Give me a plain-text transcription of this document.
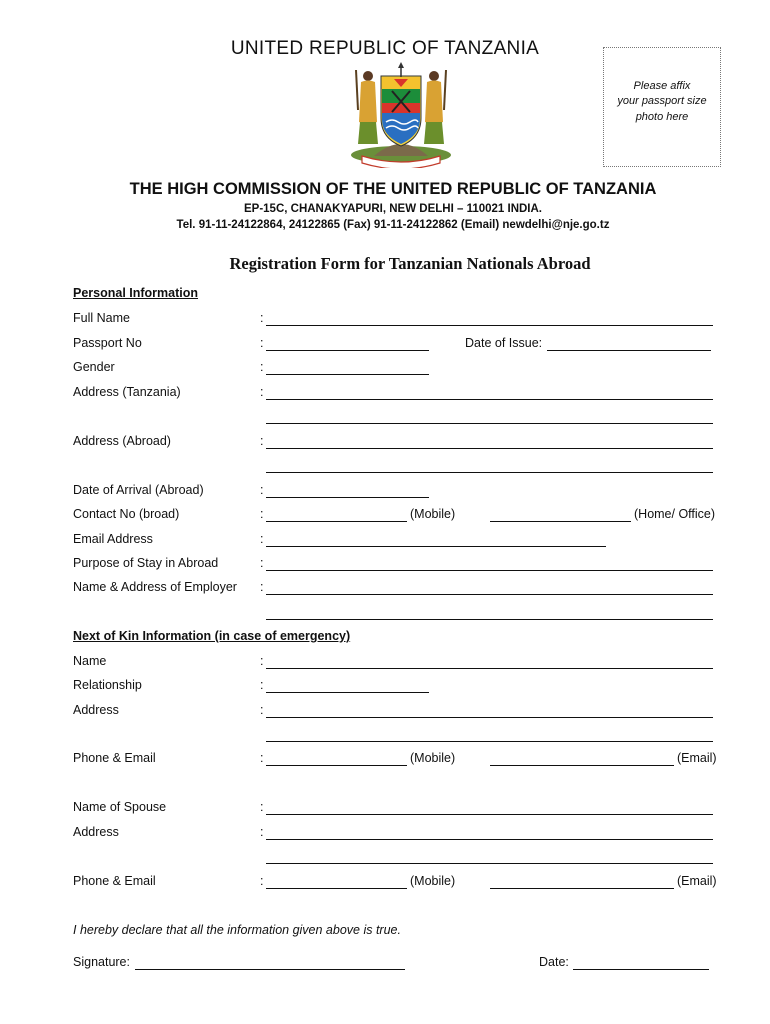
UNITED REPUBLIC OF TANZANIA
Please affix
your passport size
photo here
THE HIGH COMMISSION OF THE UNITED REPUBLIC OF TANZANIA
EP-15C, CHANAKYAPURI, NEW DELHI – 110021 INDIA.
Tel. 91-11-24122864, 24122865 (Fax) 91-11-24122862 (Email) newdelhi@nje.go.tz
Registration Form for Tanzanian Nationals Abroad
Personal Information
Full Name	:
Passport No	:	Date of Issue:
Gender	:
Address (Tanzania)	:
Address (Abroad)	:
Date of Arrival (Abroad)	:
Contact No (broad)	:	(Mobile)	(Home/ Office)
Email Address	:
Purpose of Stay in Abroad	:
Name & Address of Employer :
Next of Kin Information (in case of emergency)
Name	:
Relationship	:
Address	:
Phone & Email	:	(Mobile)	(Email)
Name of Spouse	:
Address	:
Phone & Email	:	(Mobile)	(Email)
I hereby declare that all the information given above is true.
Signature:	Date:
